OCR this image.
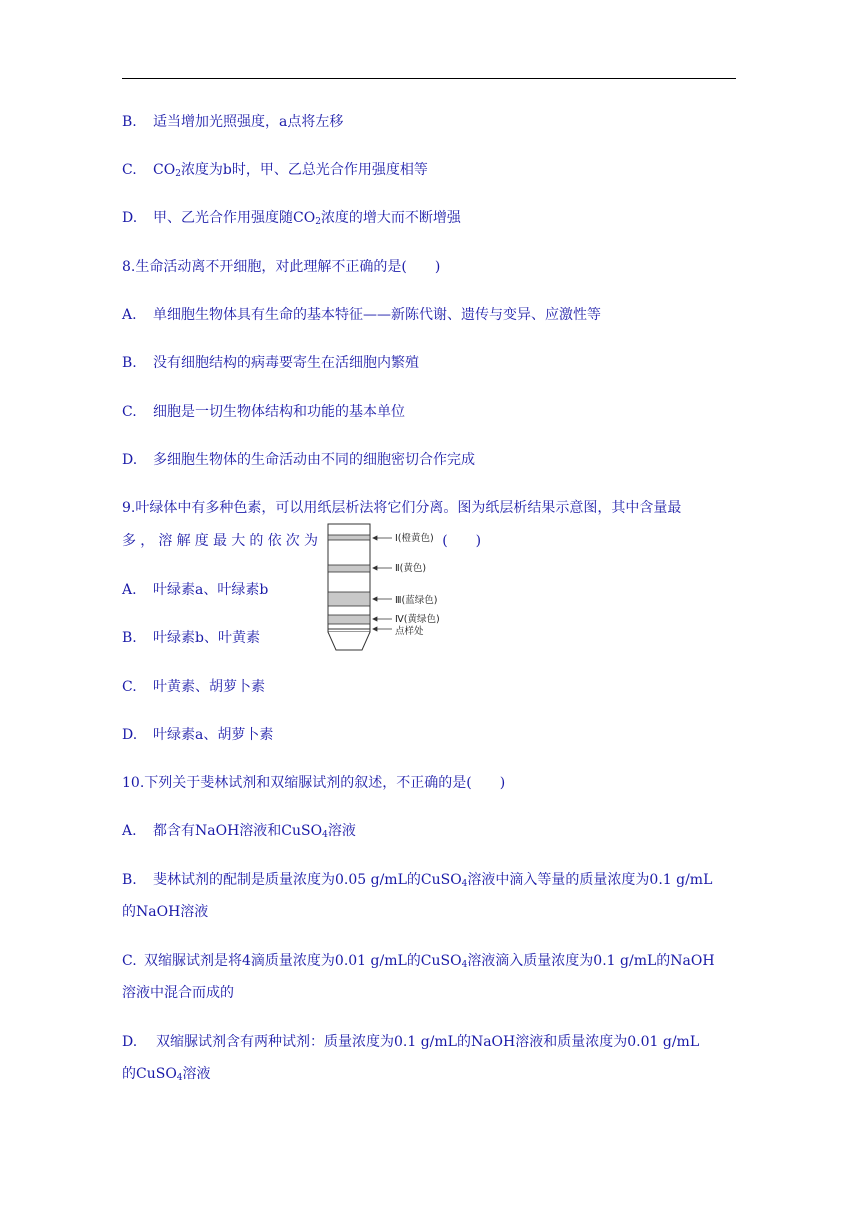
B. 适当增加光照强度，a点将左移
C. $CO_2$浓度为b时，甲、乙总光合作用强度相等
D. 甲、乙光合作用强度随$CO_2$浓度的增大而不断增强
8.生命活动离不开细胞，对此理解不正确的是(　　)
A. 单细胞生物体具有生命的基本特征——新陈代谢、遗传与变异、应激性等
B. 没有细胞结构的病毒要寄生在活细胞内繁殖
C. 细胞是一切生物体结构和功能的基本单位
D. 多细胞生物体的生命活动由不同的细胞密切合作完成
9.叶绿体中有多种色素，可以用纸层析法将它们分离。图为纸层析结果示意图，其中含量最
多，溶解度最大的依次为	(　　)
Ⅰ(橙黄色)
Ⅱ(黄色)
Ⅲ(蓝绿色)
Ⅳ(黄绿色)
点样处
A. 叶绿素a、叶绿素b
B. 叶绿素b、叶黄素
C. 叶黄素、胡萝卜素
D. 叶绿素a、胡萝卜素
10.下列关于斐林试剂和双缩脲试剂的叙述，不正确的是(　　)
A. 都含有NaOH溶液和CuSO$_4$溶液
B. 斐林试剂的配制是质量浓度为0.05 g/mL的CuSO$_4$溶液中滴入等量的质量浓度为0.1 g/mL
的NaOH溶液
C. 双缩脲试剂是将4滴质量浓度为0.01 g/mL的CuSO$_4$溶液滴入质量浓度为0.1 g/mL的NaOH
溶液中混合而成的
D. 双缩脲试剂含有两种试剂：质量浓度为0.1 g/mL的NaOH溶液和质量浓度为0.01 g/mL
的CuSO$_4$溶液
